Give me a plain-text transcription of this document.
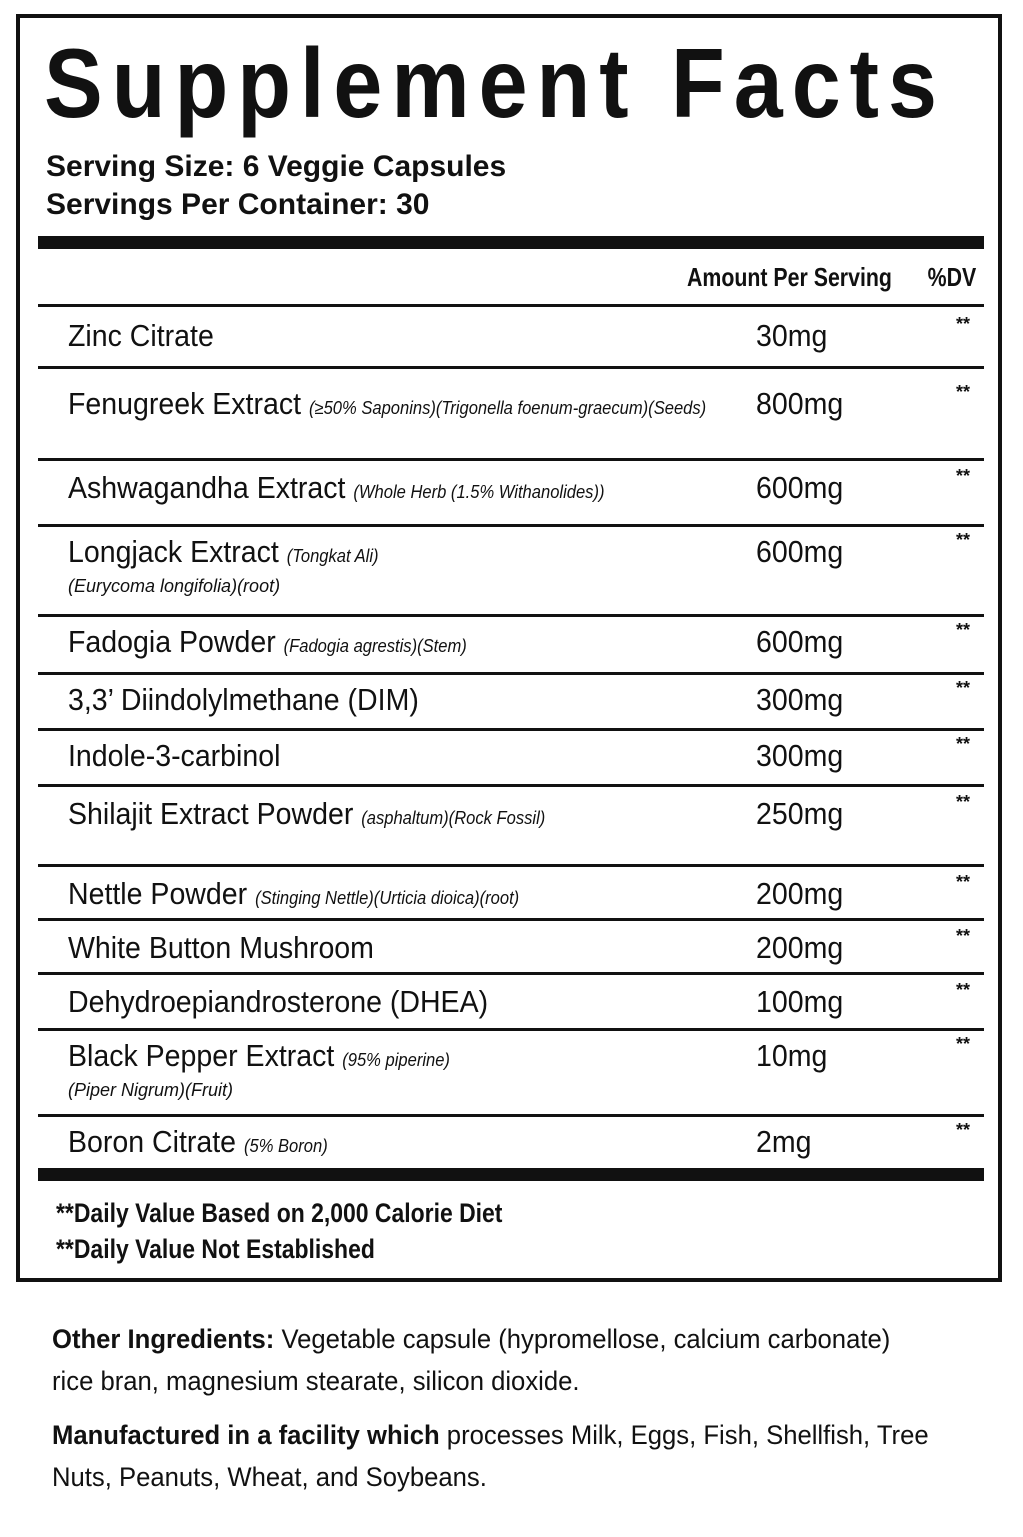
Supplement Facts
Serving Size: 6 Veggie Capsules
Servings Per Container: 30
Amount Per Serving %DV
Zinc Citrate	30mg	**
Fenugreek Extract (≥50% Saponins)(Trigonella foenum-graecum)(Seeds) 800mg	**
Ashwagandha Extract (Whole Herb (1.5% Withanolides))	600mg	**
Longjack Extract (Tongkat Ali)
(Eurycoma longifolia)(root)
600mg	**
Fadogia Powder (Fadogia agrestis)(Stem)	600mg	**
3,3’ Diindolylmethane (DIM)	300mg	**
Indole-3-carbinol	300mg	**
Shilajit Extract Powder (asphaltum)(Rock Fossil)	250mg	**
Nettle Powder (Stinging Nettle)(Urticia dioica)(root)	200mg	**
White Button Mushroom	200mg	**
Dehydroepiandrosterone (DHEA)	100mg	**
Black Pepper Extract (95% piperine)
(Piper Nigrum)(Fruit)
10mg	**
Boron Citrate (5% Boron)	2mg	**
**Daily Value Based on 2,000 Calorie Diet
**Daily Value Not Established
Other Ingredients: Vegetable capsule (hypromellose, calcium carbonate) rice bran, magnesium stearate, silicon dioxide.
Manufactured in a facility which processes Milk, Eggs, Fish, Shellfish, Tree Nuts, Peanuts, Wheat, and Soybeans.
